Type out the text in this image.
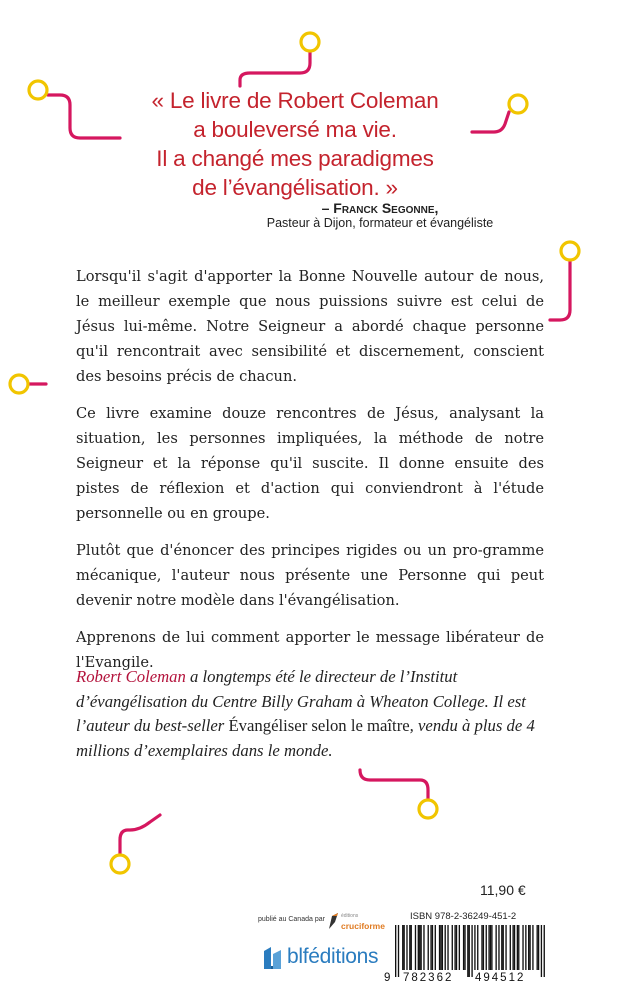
« Le livre de Robert Coleman
a bouleversé ma vie.
Il a changé mes paradigmes
de l’évangélisation. »
– Franck Segonne,
Pasteur à Dijon, formateur et évangéliste

Lorsqu'il s'agit d'apporter la Bonne Nouvelle autour de nous, le meilleur exemple que nous puissions suivre est celui de Jésus lui-même. Notre Seigneur a abordé chaque personne qu'il rencontrait avec sensibilité et discernement, conscient des besoins précis de chacun.

Ce livre examine douze rencontres de Jésus, analysant la situation, les personnes impliquées, la méthode de notre Seigneur et la réponse qu'il suscite. Il donne ensuite des pistes de réflexion et d'action qui conviendront à l'étude personnelle ou en groupe.

Plutôt que d'énoncer des principes rigides ou un pro-gramme mécanique, l'auteur nous présente une Personne qui peut devenir notre modèle dans l'évangélisation.

Apprenons de lui comment apporter le message libérateur de l'Evangile.

Robert Coleman a longtemps été le directeur de l’Institut d’évangélisation du Centre Billy Graham à Wheaton College. Il est l’auteur du best-seller Évangéliser selon le maître, vendu à plus de 4 millions d’exemplaires dans le monde.
11,90 €
publié au Canada par	éditions
cruciforme
blféditions
ISBN 978-2-36249-451-2
9 782362 494512
